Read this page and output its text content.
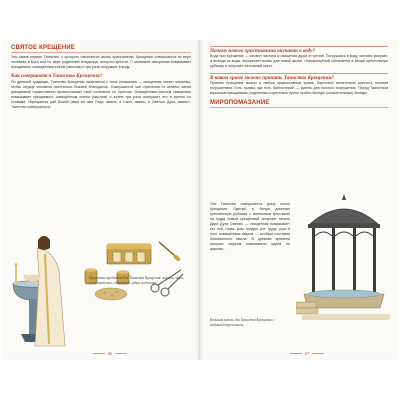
СВЯТОЕ КРЕЩЕНИЕ
Это самое первое Таинство, с которого начинается жизнь христианина. Крещение совершается по вере человека в Бога или по вере родителей младенца, которого крестят. С молитвой священник помазывает крещаемого освящённым елеем (маслом) и три раза погружает в воду.
Как совершается Таинство Крещения?
По древней традиции, Таинство Крещения начинается с чина оглашения — священник читает молитвы, чтобы сердце человека очистилось Божией благодатью. Совершается чин отречения от сатаны, затем крещаемый торжественно провозглашает своё сочетание со Христом. Освящённым маслом священник помазывает крещаемого освящённым елеем (маслом) и затем три раза погружает его в купель со словами: «Крещается раб Божий (имя) во имя Отца, аминь, и Сына, аминь, и Святого Духа, аминь». Таинство совершилось!
Церковные предметы для Таинства Крещения: ящичек, миро, елей, кисточка, стрелочка, губка, ножницы.
66
Почему нового христианина окунают в воду?
Вода при Крещении — символ чистоты и очищения души от грехов. Погружаясь в воду, человек умирает, а выходя из воды, воскресает вновь для новой жизни. Новокрещёный облачается в белую крестильную рубашку и получает нательный крест.
В каком храме можно принять Таинство Крещения?
Принять Крещение можно в любом православном храме. Взрослых желательно крестить полным погружением. Есть храмы, где есть баптистерий — купель для полного погружения. Перед Таинством взрослым крещаемым, родителям и крёстным нужно пройти беседы (огласительные) беседы.
МИРОПОМАЗАНИЕ
Это Таинство совершается сразу после Крещения. Одетый в белую длинную крестильную рубашку с нательным крестиком на груди новый крещённый получает печать Дара Духа Святаго — священник помазывает его лоб, глаза, уши, ноздри, рот, грудь, руки и ноги освящённым миром — особым составом благовонного масла. В древние времена пророки мирром помазывали царей на царство.
Большая купель для Таинства Крещения с полным погружением.
67
